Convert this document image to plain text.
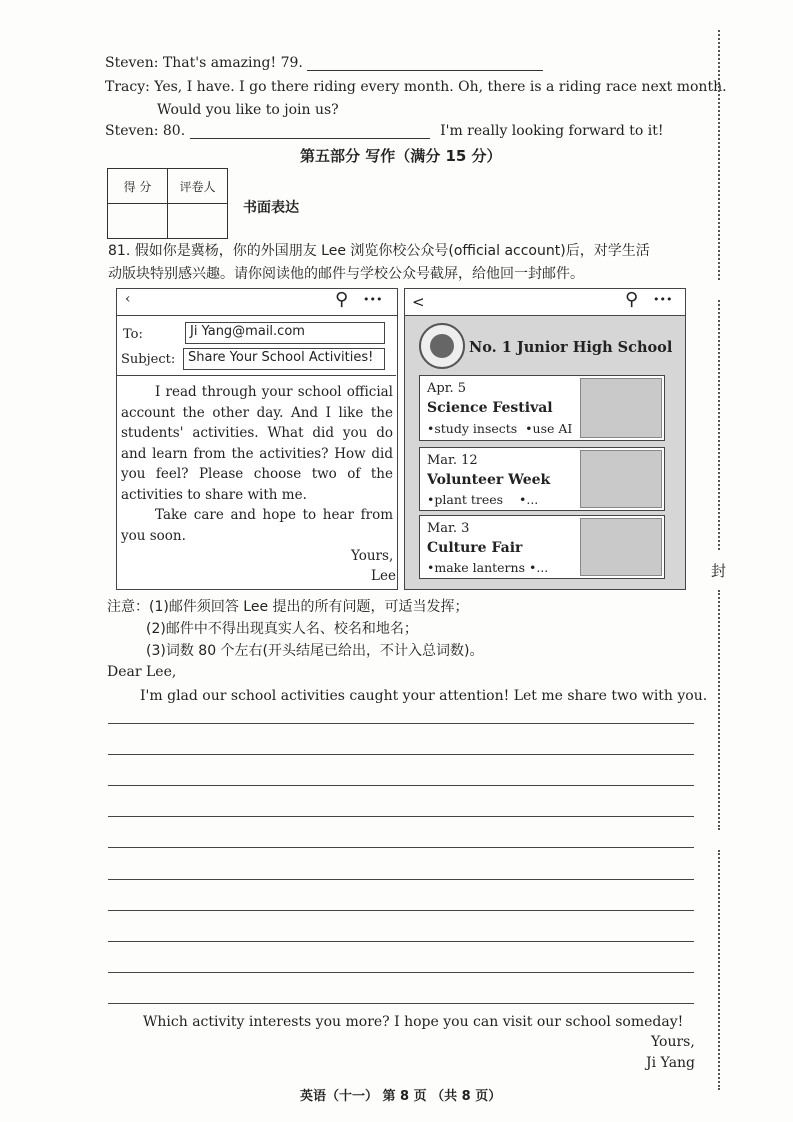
Steven: That's amazing! 79.
Tracy: Yes, I have. I go there riding every month. Oh, there is a riding race next month.
Would you like to join us?
Steven: 80.	I'm really looking forward to it!
第五部分 写作（满分 15 分）
得 分	评卷人

书面表达
81. 假如你是冀杨，你的外国朋友 Lee 浏览你校公众号(official account)后，对学生活
动版块特别感兴趣。请你阅读他的邮件与学校公众号截屏，给他回一封邮件。
‹	⚲ •••
To:	Ji Yang@mail.com
Subject: Share Your School Activities!
I read through your school official account the other day. And I like the students' activities. What did you do and learn from the activities? How did you feel? Please choose two of the activities to share with me.
Take care and hope to hear from you soon.
Yours,
Lee
<	⚲ •••
No. 1 Junior High School
Apr. 5
Science Festival
•study insects  •use AI
Mar. 12
Volunteer Week
•plant trees    •...
Mar. 3
Culture Fair
•make lanterns •...
注意：(1)邮件须回答 Lee 提出的所有问题，可适当发挥；
(2)邮件中不得出现真实人名、校名和地名；
(3)词数 80 个左右(开头结尾已给出，不计入总词数)。
Dear Lee,
I'm glad our school activities caught your attention! Let me share two with you.
Which activity interests you more? I hope you can visit our school someday!
Yours,
Ji Yang
封
英语（十一） 第 8 页 （共 8 页）
